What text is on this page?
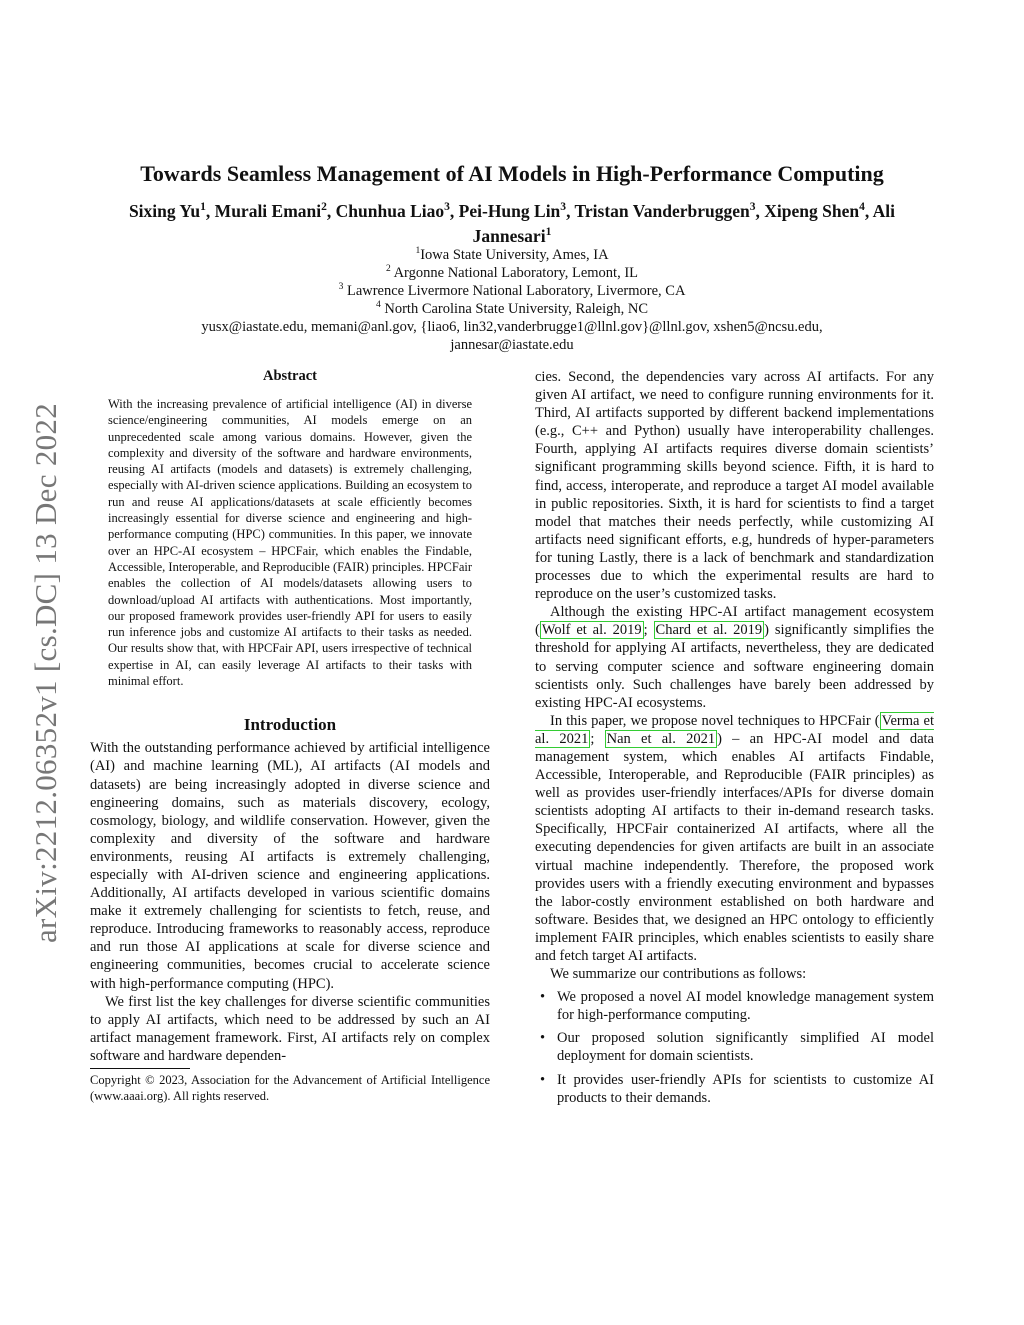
arXiv:2212.06352v1 [cs.DC] 13 Dec 2022
Towards Seamless Management of AI Models in High-Performance Computing
Sixing Yu$^1$, Murali Emani$^2$, Chunhua Liao$^3$, Pei-Hung Lin$^3$, Tristan Vanderbruggen$^3$, Xipeng Shen$^4$, Ali Jannesari$^1$
$^1$Iowa State University, Ames, IA
$^2$ Argonne National Laboratory, Lemont, IL
$^3$ Lawrence Livermore National Laboratory, Livermore, CA
$^4$ North Carolina State University, Raleigh, NC
yusx@iastate.edu, memani@anl.gov, {liao6, lin32,vanderbrugge1@llnl.gov}@llnl.gov, xshen5@ncsu.edu,
jannesar@iastate.edu
Abstract

With the increasing prevalence of artificial intelligence (AI) in diverse science/engineering communities, AI models emerge on an unprecedented scale among various domains. However, given the complexity and diversity of the software and hardware environments, reusing AI artifacts (models and datasets) is extremely challenging, especially with AI-driven science applications. Building an ecosystem to run and reuse AI applications/datasets at scale efficiently becomes increasingly essential for diverse science and engineering and high-performance computing (HPC) communities. In this paper, we innovate over an HPC-AI ecosystem – HPCFair, which enables the Findable, Accessible, Interoperable, and Reproducible (FAIR) principles. HPCFair enables the collection of AI models/datasets allowing users to download/upload AI artifacts with authentications. Most importantly, our proposed framework provides user-friendly API for users to easily run inference jobs and customize AI artifacts to their tasks as needed. Our results show that, with HPCFair API, users irrespective of technical expertise in AI, can easily leverage AI artifacts to their tasks with minimal effort.

Introduction

With the outstanding performance achieved by artificial intelligence (AI) and machine learning (ML), AI artifacts (AI models and datasets) are being increasingly adopted in diverse science and engineering domains, such as materials discovery, ecology, cosmology, biology, and wildlife conservation. However, given the complexity and diversity of the software and hardware environments, reusing AI artifacts is extremely challenging, especially with AI-driven science and engineering applications. Additionally, AI artifacts developed in various scientific domains make it extremely challenging for scientists to fetch, reuse, and reproduce. Introducing frameworks to reasonably access, reproduce and run those AI applications at scale for diverse science and engineering communities, becomes crucial to accelerate science with high-performance computing (HPC).

We first list the key challenges for diverse scientific communities to apply AI artifacts, which need to be addressed by such an AI artifact management framework. First, AI artifacts rely on complex software and hardware dependen-

Copyright © 2023, Association for the Advancement of Artificial Intelligence (www.aaai.org). All rights reserved.

cies. Second, the dependencies vary across AI artifacts. For any given AI artifact, we need to configure running environments for it. Third, AI artifacts supported by different backend implementations (e.g., C++ and Python) usually have interoperability challenges. Fourth, applying AI artifacts requires diverse domain scientists’ significant programming skills beyond science. Fifth, it is hard to find, access, interoperate, and reproduce a target AI model available in public repositories. Sixth, it is hard for scientists to find a target model that matches their needs perfectly, while customizing AI artifacts need significant efforts, e.g, hundreds of hyper-parameters for tuning Lastly, there is a lack of benchmark and standardization processes due to which the experimental results are hard to reproduce on the user’s customized tasks.

Although the existing HPC-AI artifact management ecosystem ( Wolf et al. 2019 ; Chard et al. 2019 ) significantly simplifies the threshold for applying AI artifacts, nevertheless, they are dedicated to serving computer science and software engineering domain scientists only. Such challenges have barely been addressed by existing HPC-AI ecosystems.

In this paper, we propose novel techniques to HPCFair ( Verma et al. 2021 ; Nan et al. 2021 ) – an HPC-AI model and data management system, which enables AI artifacts Findable, Accessible, Interoperable, and Reproducible (FAIR principles) as well as provides user-friendly interfaces/APIs for diverse domain scientists adopting AI artifacts to their in-demand research tasks. Specifically, HPCFair containerized AI artifacts, where all the executing dependencies for given artifacts are built in an associate virtual machine independently. Therefore, the proposed work provides users with a friendly executing environment and bypasses the labor-costly environment established on both hardware and software. Besides that, we designed an HPC ontology to efficiently implement FAIR principles, which enables scientists to easily share and fetch target AI artifacts.

We summarize our contributions as follows:

• We proposed a novel AI model knowledge management system for high-performance computing.
• Our proposed solution significantly simplified AI model deployment for domain scientists.
• It provides user-friendly APIs for scientists to customize AI products to their demands.
